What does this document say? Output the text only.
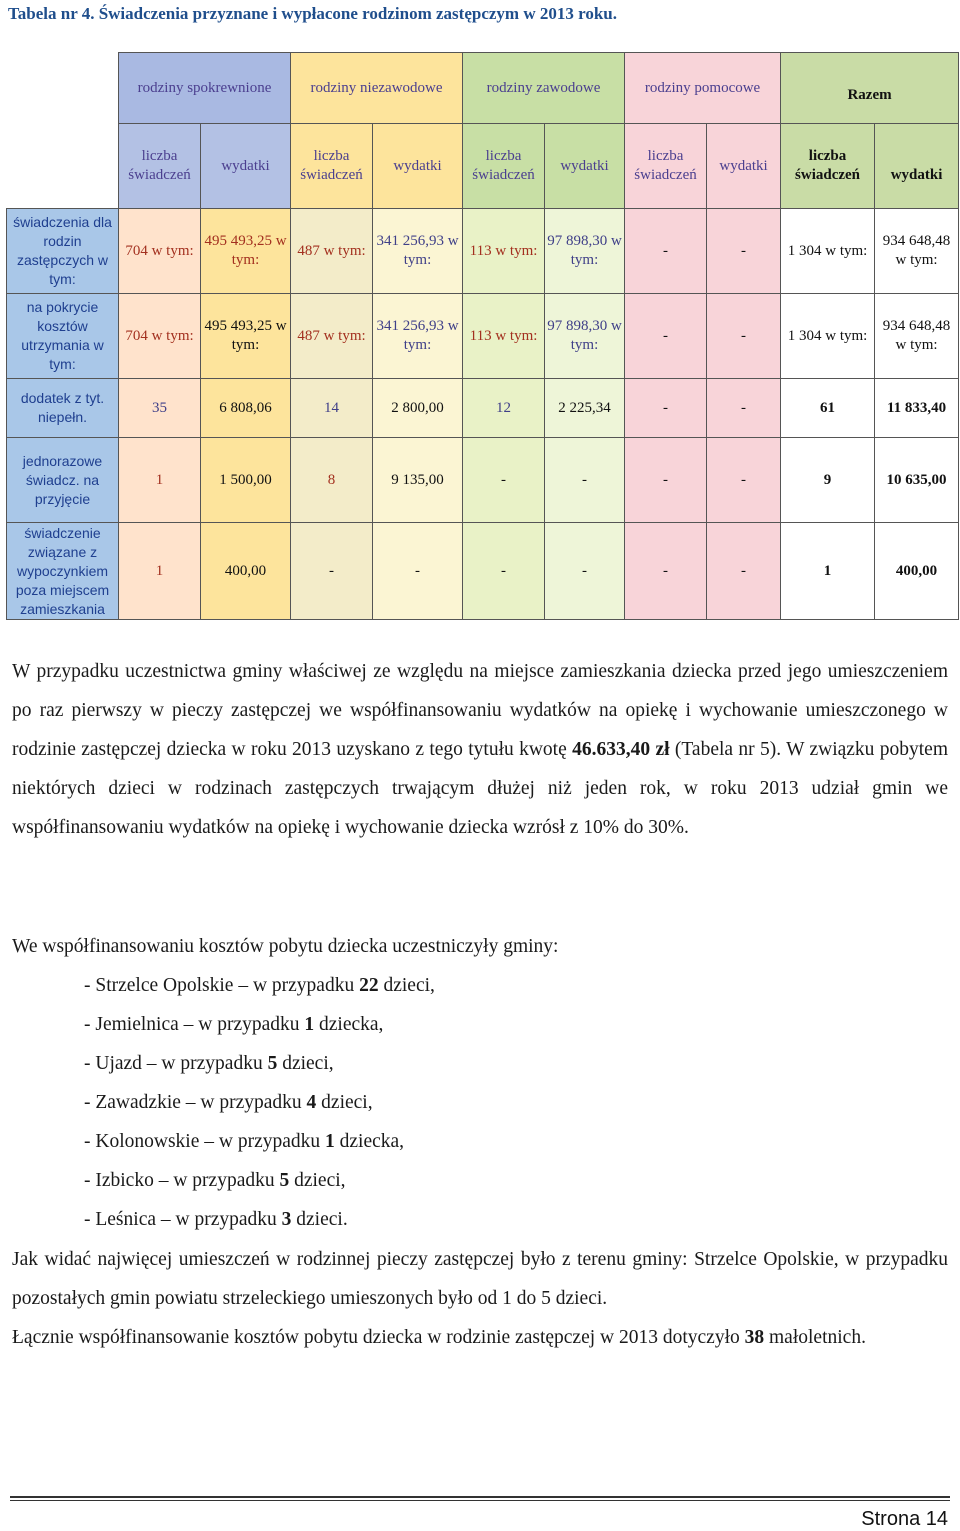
Tabela nr 4. Świadczenia przyznane i wypłacone rodzinom zastępczym w 2013 roku.
	rodziny spokrewnione		rodziny niezawodowe		rodziny zawodowe		rodziny pomocowe		Razem	
	liczba świadczeń	wydatki	liczba świadczeń	wydatki	liczba świadczeń	wydatki	liczba świadczeń	wydatki	liczba świadczeń	wydatki
świadczenia dla rodzin zastępczych w tym:	704 w tym:	495 493,25 w tym:	487 w tym:	341 256,93 w tym:	113 w tym:	97 898,30 w tym:	-	-	1 304 w tym:	934 648,48 w tym:
na pokrycie kosztów utrzymania w tym:	704 w tym:	495 493,25 w tym:	487 w tym:	341 256,93 w tym:	113 w tym:	97 898,30 w tym:	-	-	1 304 w tym:	934 648,48 w tym:
dodatek z tyt. niepełn.	35	6 808,06	14	2 800,00	12	2 225,34	-	-	61	11 833,40
jednorazowe świadcz. na przyjęcie	1	1 500,00	8	9 135,00	-	-	-	-	9	10 635,00
świadczenie związane z wypoczynkiem poza miejscem zamieszkania	1	400,00	-	-	-	-	-	-	1	400,00
W przypadku uczestnictwa gminy właściwej ze względu na miejsce zamieszkania dziecka przed jego umieszczeniem po raz pierwszy w pieczy zastępczej we współfinansowaniu wydatków na opiekę i wychowanie umieszczonego w rodzinie zastępczej dziecka w roku 2013 uzyskano z tego tytułu kwotę 46.633,40 zł (Tabela nr 5). W związku pobytem niektórych dzieci w rodzinach zastępczych trwającym dłużej niż jeden rok, w roku 2013 udział gmin we współfinansowaniu wydatków na opiekę i wychowanie dziecka wzrósł z 10% do 30%.
We współfinansowaniu kosztów pobytu dziecka uczestniczyły gminy:
- Strzelce Opolskie – w przypadku 22 dzieci,
- Jemielnica – w przypadku 1 dziecka,
- Ujazd – w przypadku 5 dzieci,
- Zawadzkie – w przypadku 4 dzieci,
- Kolonowskie – w przypadku 1 dziecka,
- Izbicko – w przypadku 5 dzieci,
- Leśnica – w przypadku 3 dzieci.
Jak widać najwięcej umieszczeń w rodzinnej pieczy zastępczej było z terenu gminy: Strzelce Opolskie, w przypadku pozostałych gmin powiatu strzeleckiego umieszonych było od 1 do 5 dzieci.
Łącznie współfinansowanie kosztów pobytu dziecka w rodzinie zastępczej w 2013 dotyczyło 38 małoletnich.
Strona 14
